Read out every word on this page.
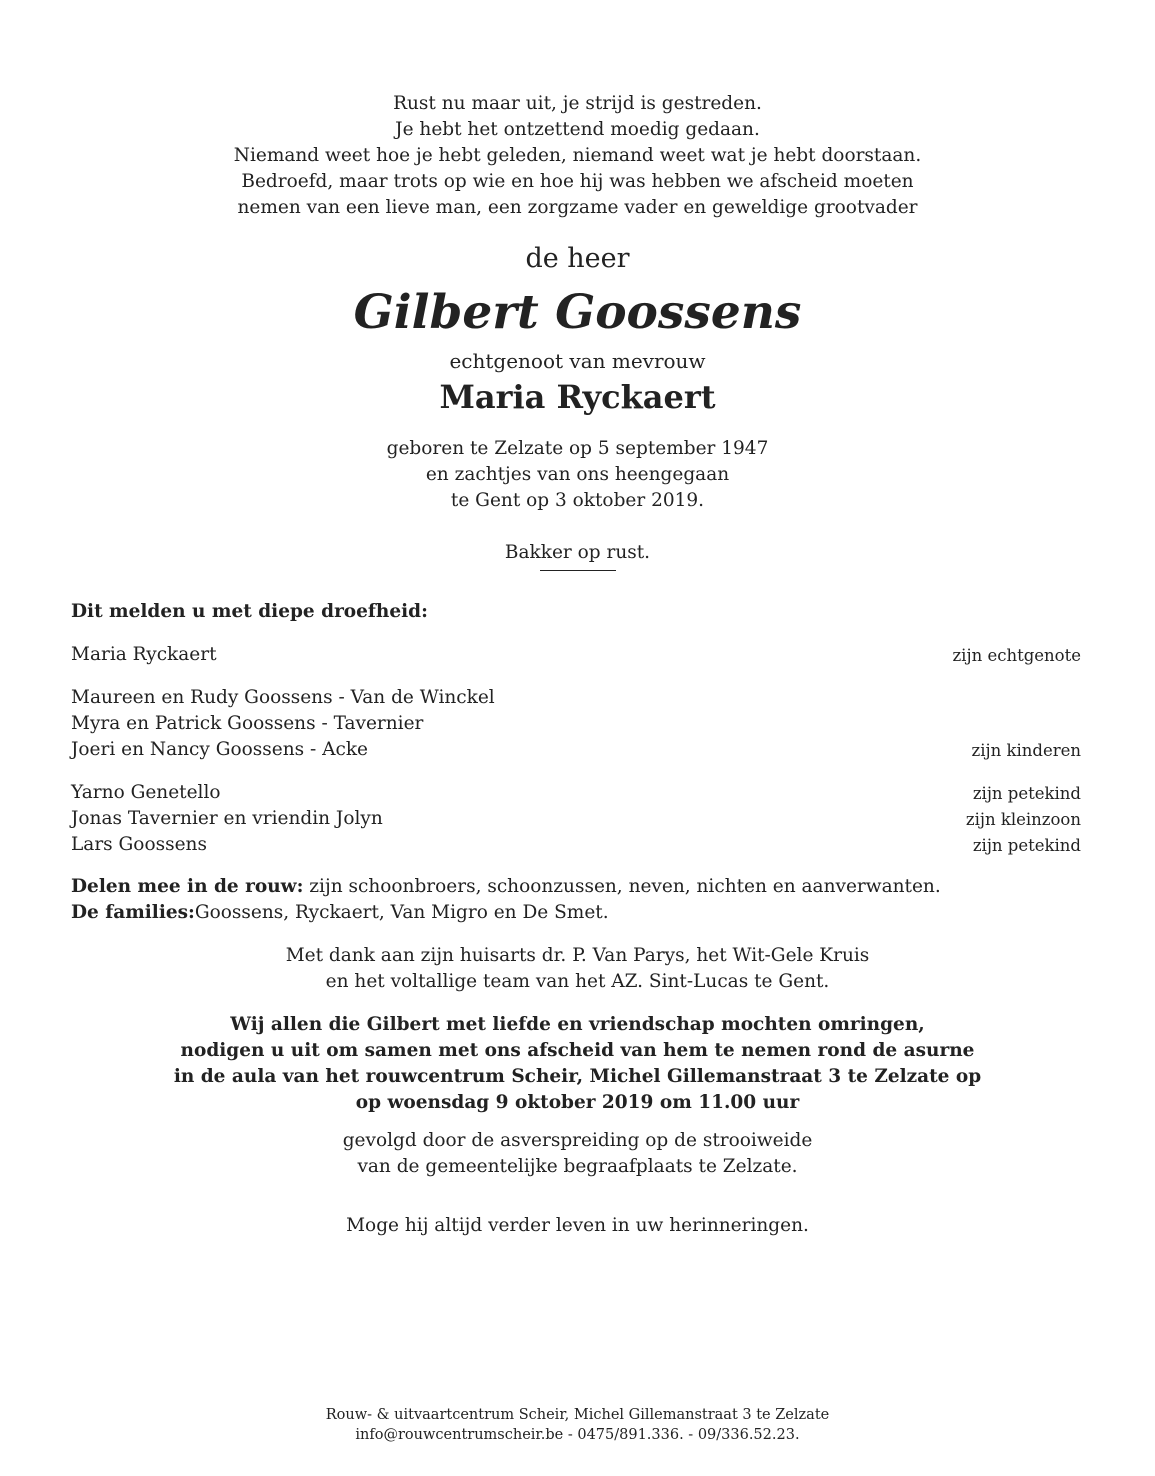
Rust nu maar uit, je strijd is gestreden.
Je hebt het ontzettend moedig gedaan.
Niemand weet hoe je hebt geleden, niemand weet wat je hebt doorstaan.
Bedroefd, maar trots op wie en hoe hij was hebben we afscheid moeten
nemen van een lieve man, een zorgzame vader en geweldige grootvader
de heer
Gilbert Goossens
echtgenoot van mevrouw
Maria Ryckaert
geboren te Zelzate op 5 september 1947
en zachtjes van ons heengegaan
te Gent op 3 oktober 2019.
Bakker op rust.
Dit melden u met diepe droefheid:
Maria Ryckaert	zijn echtgenote
Maureen en Rudy Goossens - Van de Winckel
Myra en Patrick Goossens - Tavernier
Joeri en Nancy Goossens - Acke	zijn kinderen
Yarno Genetello	zijn petekind
Jonas Tavernier en vriendin Jolyn	zijn kleinzoon
Lars Goossens	zijn petekind
Delen mee in de rouw: zijn schoonbroers, schoonzussen, neven, nichten en aanverwanten.
De families:Goossens, Ryckaert, Van Migro en De Smet.
Met dank aan zijn huisarts dr. P. Van Parys, het Wit-Gele Kruis
en het voltallige team van het AZ. Sint-Lucas te Gent.
Wij allen die Gilbert met liefde en vriendschap mochten omringen,
nodigen u uit om samen met ons afscheid van hem te nemen rond de asurne
in de aula van het rouwcentrum Scheir, Michel Gillemanstraat 3 te Zelzate op
op woensdag 9 oktober 2019 om 11.00 uur
gevolgd door de asverspreiding op de strooiweide
van de gemeentelijke begraafplaats te Zelzate.
Moge hij altijd verder leven in uw herinneringen.
Rouw- & uitvaartcentrum Scheir, Michel Gillemanstraat 3 te Zelzate
info@rouwcentrumscheir.be - 0475/891.336. - 09/336.52.23.
